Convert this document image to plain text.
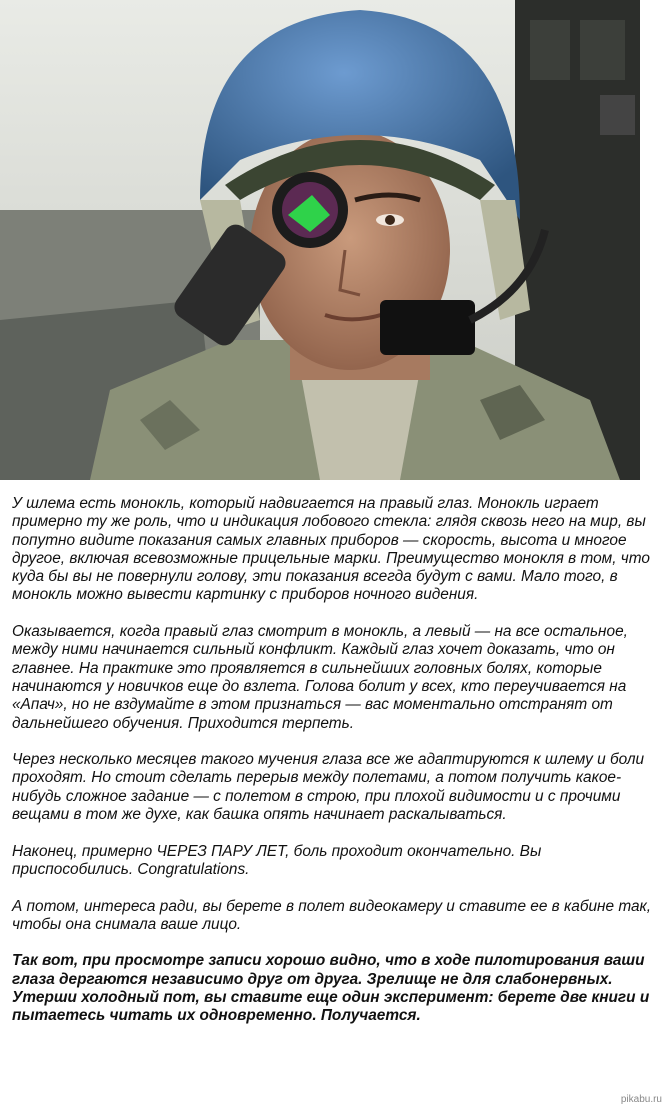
У шлема есть монокль, который надвигается на правый глаз. Монокль играет примерно ту же роль, что и индикация лобового стекла: глядя сквозь него на мир, вы попутно видите показания самых главных приборов — скорость, высота и многое другое, включая всевозможные прицельные марки. Преимущество монокля в том, что куда бы вы не повернули голову, эти показания всегда будут с вами. Мало того, в монокль можно вывести картинку с приборов ночного видения.

Оказывается, когда правый глаз смотрит в монокль, а левый — на все остальное, между ними начинается сильный конфликт. Каждый глаз хочет доказать, что он главнее. На практике это проявляется в сильнейших головных болях, которые начинаются у новичков еще до взлета. Голова болит у всех, кто переучивается на «Апач», но не вздумайте в этом признаться — вас моментально отстранят от дальнейшего обучения. Приходится терпеть.

Через несколько месяцев такого мучения глаза все же адаптируются к шлему и боли проходят. Но стоит сделать перерыв между полетами, а потом получить какое-нибудь сложное задание — с полетом в строю, при плохой видимости и с прочими вещами в том же духе, как башка опять начинает раскалываться.

Наконец, примерно ЧЕРЕЗ ПАРУ ЛЕТ, боль проходит окончательно. Вы приспособились. Congratulations.

А потом, интереса ради, вы берете в полет видеокамеру и ставите ее в кабине так, чтобы она снимала ваше лицо.

Так вот, при просмотре записи хорошо видно, что в ходе пилотирования ваши глаза дергаются независимо друг от друга. Зрелище не для слабонервных. Утерши холодный пот, вы ставите еще один эксперимент: берете две книги и пытаетесь читать их одновременно. Получается.

pikabu.ru
